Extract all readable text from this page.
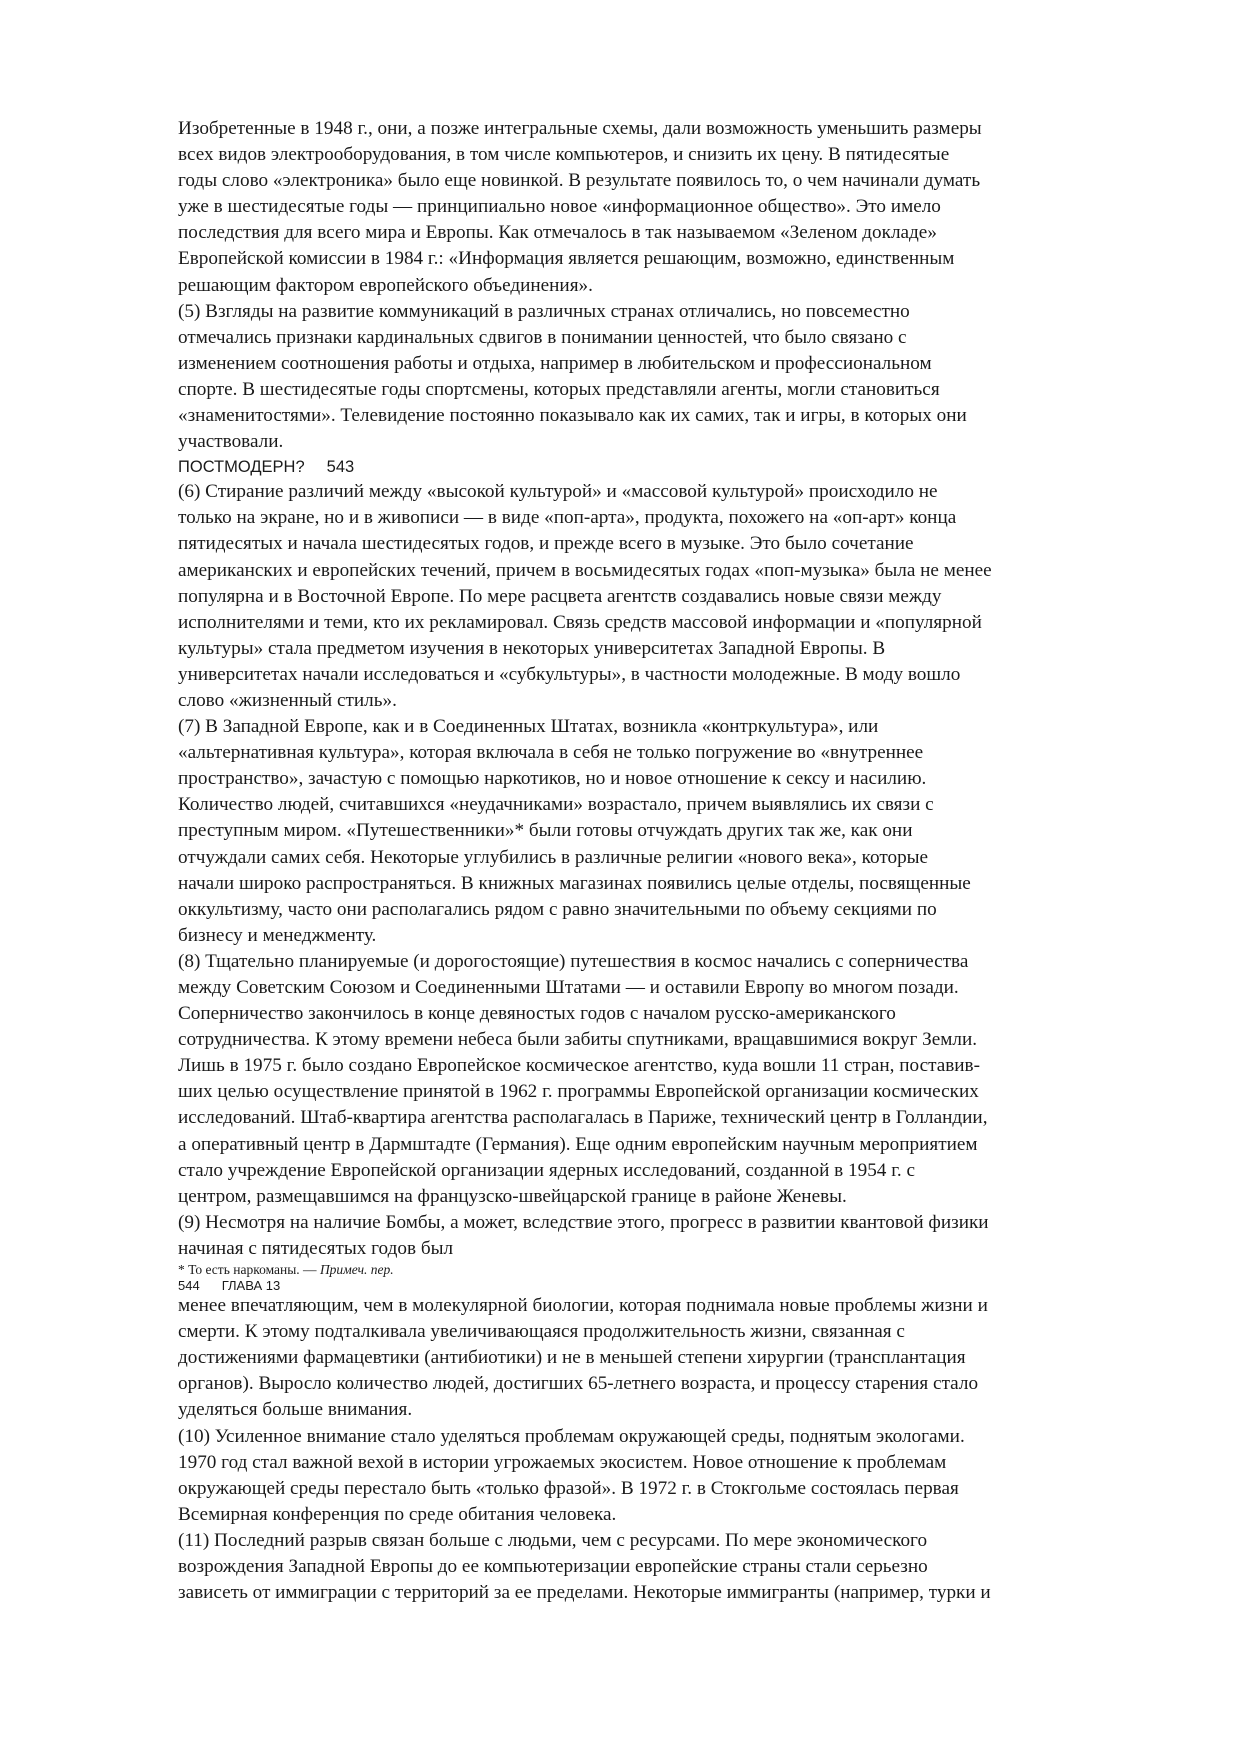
Изобретенные в 1948 г., они, а позже интегральные схемы, дали возможность уменьшить размеры
всех видов электрооборудования, в том числе компьютеров, и снизить их цену. В пятидесятые
годы слово «электроника» было еще новинкой. В результате появилось то, о чем начинали думать
уже в шестидесятые годы — принципиально новое «информационное общество». Это имело
последствия для всего мира и Европы. Как отмечалось в так называемом «Зеленом докладе»
Европейской комиссии в 1984 г.: «Информация является решающим, возможно, единственным
решающим фактором европейского объединения».
(5) Взгляды на развитие коммуникаций в различных странах отличались, но повсеместно
отмечались признаки кардинальных сдвигов в понимании ценностей, что было связано с
изменением соотношения работы и отдыха, например в любительском и профессиональном
спорте. В шестидесятые годы спортсмены, которых представляли агенты, могли становиться
«знаменитостями». Телевидение постоянно показывало как их самих, так и игры, в которых они
участвовали.
ПОСТМОДЕРН? 543
(6) Стирание различий между «высокой культурой» и «массовой культурой» происходило не
только на экране, но и в живописи — в виде «поп-арта», продукта, похожего на «оп-арт» конца
пятидесятых и начала шестидесятых годов, и прежде всего в музыке. Это было сочетание
американских и европейских течений, причем в восьмидесятых годах «поп-музыка» была не менее
популярна и в Восточной Европе. По мере расцвета агентств создавались новые связи между
исполнителями и теми, кто их рекламировал. Связь средств массовой информации и «популярной
культуры» стала предметом изучения в некоторых университетах Западной Европы. В
университетах начали исследоваться и «субкультуры», в частности молодежные. В моду вошло
слово «жизненный стиль».
(7) В Западной Европе, как и в Соединенных Штатах, возникла «контркультура», или
«альтернативная культура», которая включала в себя не только погружение во «внутреннее
пространство», зачастую с помощью наркотиков, но и новое отношение к сексу и насилию.
Количество людей, считавшихся «неудачниками» возрастало, причем выявлялись их связи с
преступным миром. «Путешественники»* были готовы отчуждать других так же, как они
отчуждали самих себя. Некоторые углубились в различные религии «нового века», которые
начали широко распространяться. В книжных магазинах появились целые отделы, посвященные
оккультизму, часто они располагались рядом с равно значительными по объему секциями по
бизнесу и менеджменту.
(8) Тщательно планируемые (и дорогостоящие) путешествия в космос начались с соперничества
между Советским Союзом и Соединенными Штатами — и оставили Европу во многом позади.
Соперничество закончилось в конце девяностых годов с началом русско-американского
сотрудничества. К этому времени небеса были забиты спутниками, вращавшимися вокруг Земли.
Лишь в 1975 г. было создано Европейское космическое агентство, куда вошли 11 стран, поставив-
ших целью осуществление принятой в 1962 г. программы Европейской организации космических
исследований. Штаб-квартира агентства располагалась в Париже, технический центр в Голландии,
а оперативный центр в Дармштадте (Германия). Еще одним европейским научным мероприятием
стало учреждение Европейской организации ядерных исследований, созданной в 1954 г. с
центром, размещавшимся на французско-швейцарской границе в районе Женевы.
(9) Несмотря на наличие Бомбы, а может, вследствие этого, прогресс в развитии квантовой физики
начиная с пятидесятых годов был
* То есть наркоманы. — Примеч. пер.
544 ГЛАВА 13
менее впечатляющим, чем в молекулярной биологии, которая поднимала новые проблемы жизни и
смерти. К этому подталкивала увеличивающаяся продолжительность жизни, связанная с
достижениями фармацевтики (антибиотики) и не в меньшей степени хирургии (трансплантация
органов). Выросло количество людей, достигших 65-летнего возраста, и процессу старения стало
уделяться больше внимания.
(10) Усиленное внимание стало уделяться проблемам окружающей среды, поднятым экологами.
1970 год стал важной вехой в истории угрожаемых экосистем. Новое отношение к проблемам
окружающей среды перестало быть «только фразой». В 1972 г. в Стокгольме состоялась первая
Всемирная конференция по среде обитания человека.
(11) Последний разрыв связан больше с людьми, чем с ресурсами. По мере экономического
возрождения Западной Европы до ее компьютеризации европейские страны стали серьезно
зависеть от иммиграции с территорий за ее пределами. Некоторые иммигранты (например, турки и
